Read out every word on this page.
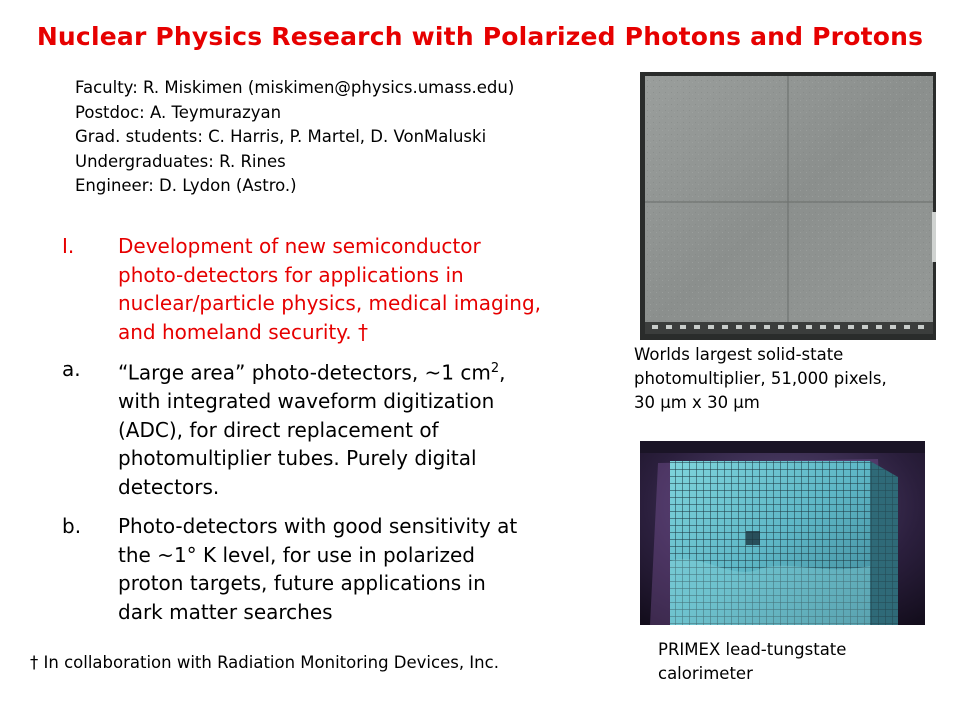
Nuclear Physics Research with Polarized Photons and Protons
Faculty: R. Miskimen (miskimen@physics.umass.edu)
Postdoc: A. Teymurazyan
Grad. students: C. Harris, P. Martel, D. VonMaluski
Undergraduates: R. Rines
Engineer: D. Lydon (Astro.)
I. Development of new semiconductor
photo-detectors for applications in
nuclear/particle physics, medical imaging,
and homeland security. †
a. “Large area” photo-detectors, ~1 $cm^2$,
with integrated waveform digitization
(ADC), for direct replacement of
photomultiplier tubes. Purely digital
detectors.
b. Photo-detectors with good sensitivity at
the ~1° K level, for use in polarized
proton targets, future applications in
dark matter searches
† In collaboration with Radiation Monitoring Devices, Inc.
Worlds largest solid-state
photomultiplier, 51,000 pixels,
30 µm x 30 µm
PRIMEX lead-tungstate
calorimeter
